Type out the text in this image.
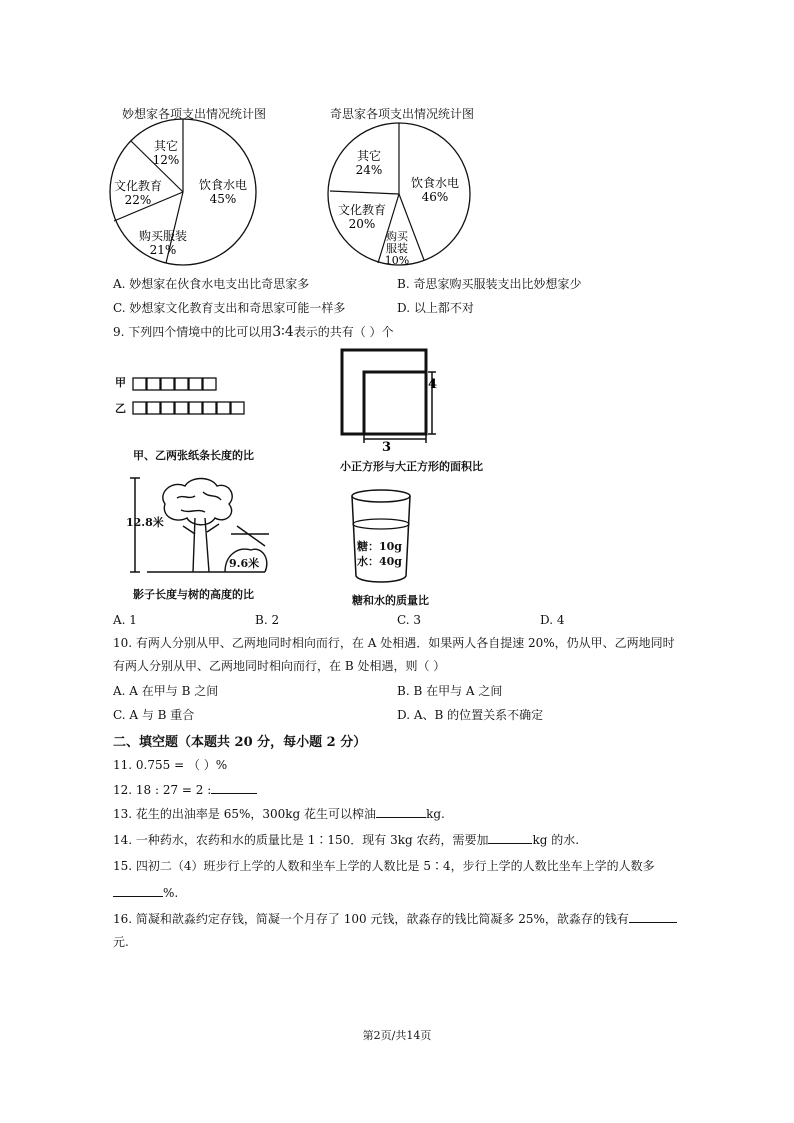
妙想家各项支出情况统计图
饮食水电
45%
购买服装
21%
文化教育
22%
其它
12%
奇思家各项支出情况统计图
饮食水电
46%
购买
服装
10%
文化教育
20%
其它
24%
A. 妙想家在伙食水电支出比奇思家多	B. 奇思家购买服装支出比妙想家少
C. 妙想家文化教育支出和奇思家可能一样多	D. 以上都不对
9. 下列四个情境中的比可以用3∶4表示的共有（ ）个
甲
乙
甲、乙两张纸条长度的比
4
3
小正方形与大正方形的面积比
12.8米
9.6米
影子长度与树的高度的比
糖：10g
水：40g
糖和水的质量比
A. 1	B. 2	C. 3	D. 4
10. 有两人分别从甲、乙两地同时相向而行，在 A 处相遇．如果两人各自提速 20%，仍从甲、乙两地同时
有两人分别从甲、乙两地同时相向而行，在 B 处相遇，则（ ）
A. A 在甲与 B 之间	B. B 在甲与 A 之间
C. A 与 B 重合	D. A、B 的位置关系不确定
二、填空题（本题共 20 分，每小题 2 分）
11. 0.755 = （ ）%
12. 18 : 27 = 2 :
13. 花生的出油率是 65%，300kg 花生可以榨油	kg.
14. 一种药水，农药和水的质量比是 1∶150．现有 3kg 农药，需要加	kg 的水.
15. 四初二（4）班步行上学的人数和坐车上学的人数比是 5∶4，步行上学的人数比坐车上学的人数多
%.
16. 简凝和歆淼约定存钱，简凝一个月存了 100 元钱，歆淼存的钱比简凝多 25%，歆淼存的钱有
元.
第2页/共14页
